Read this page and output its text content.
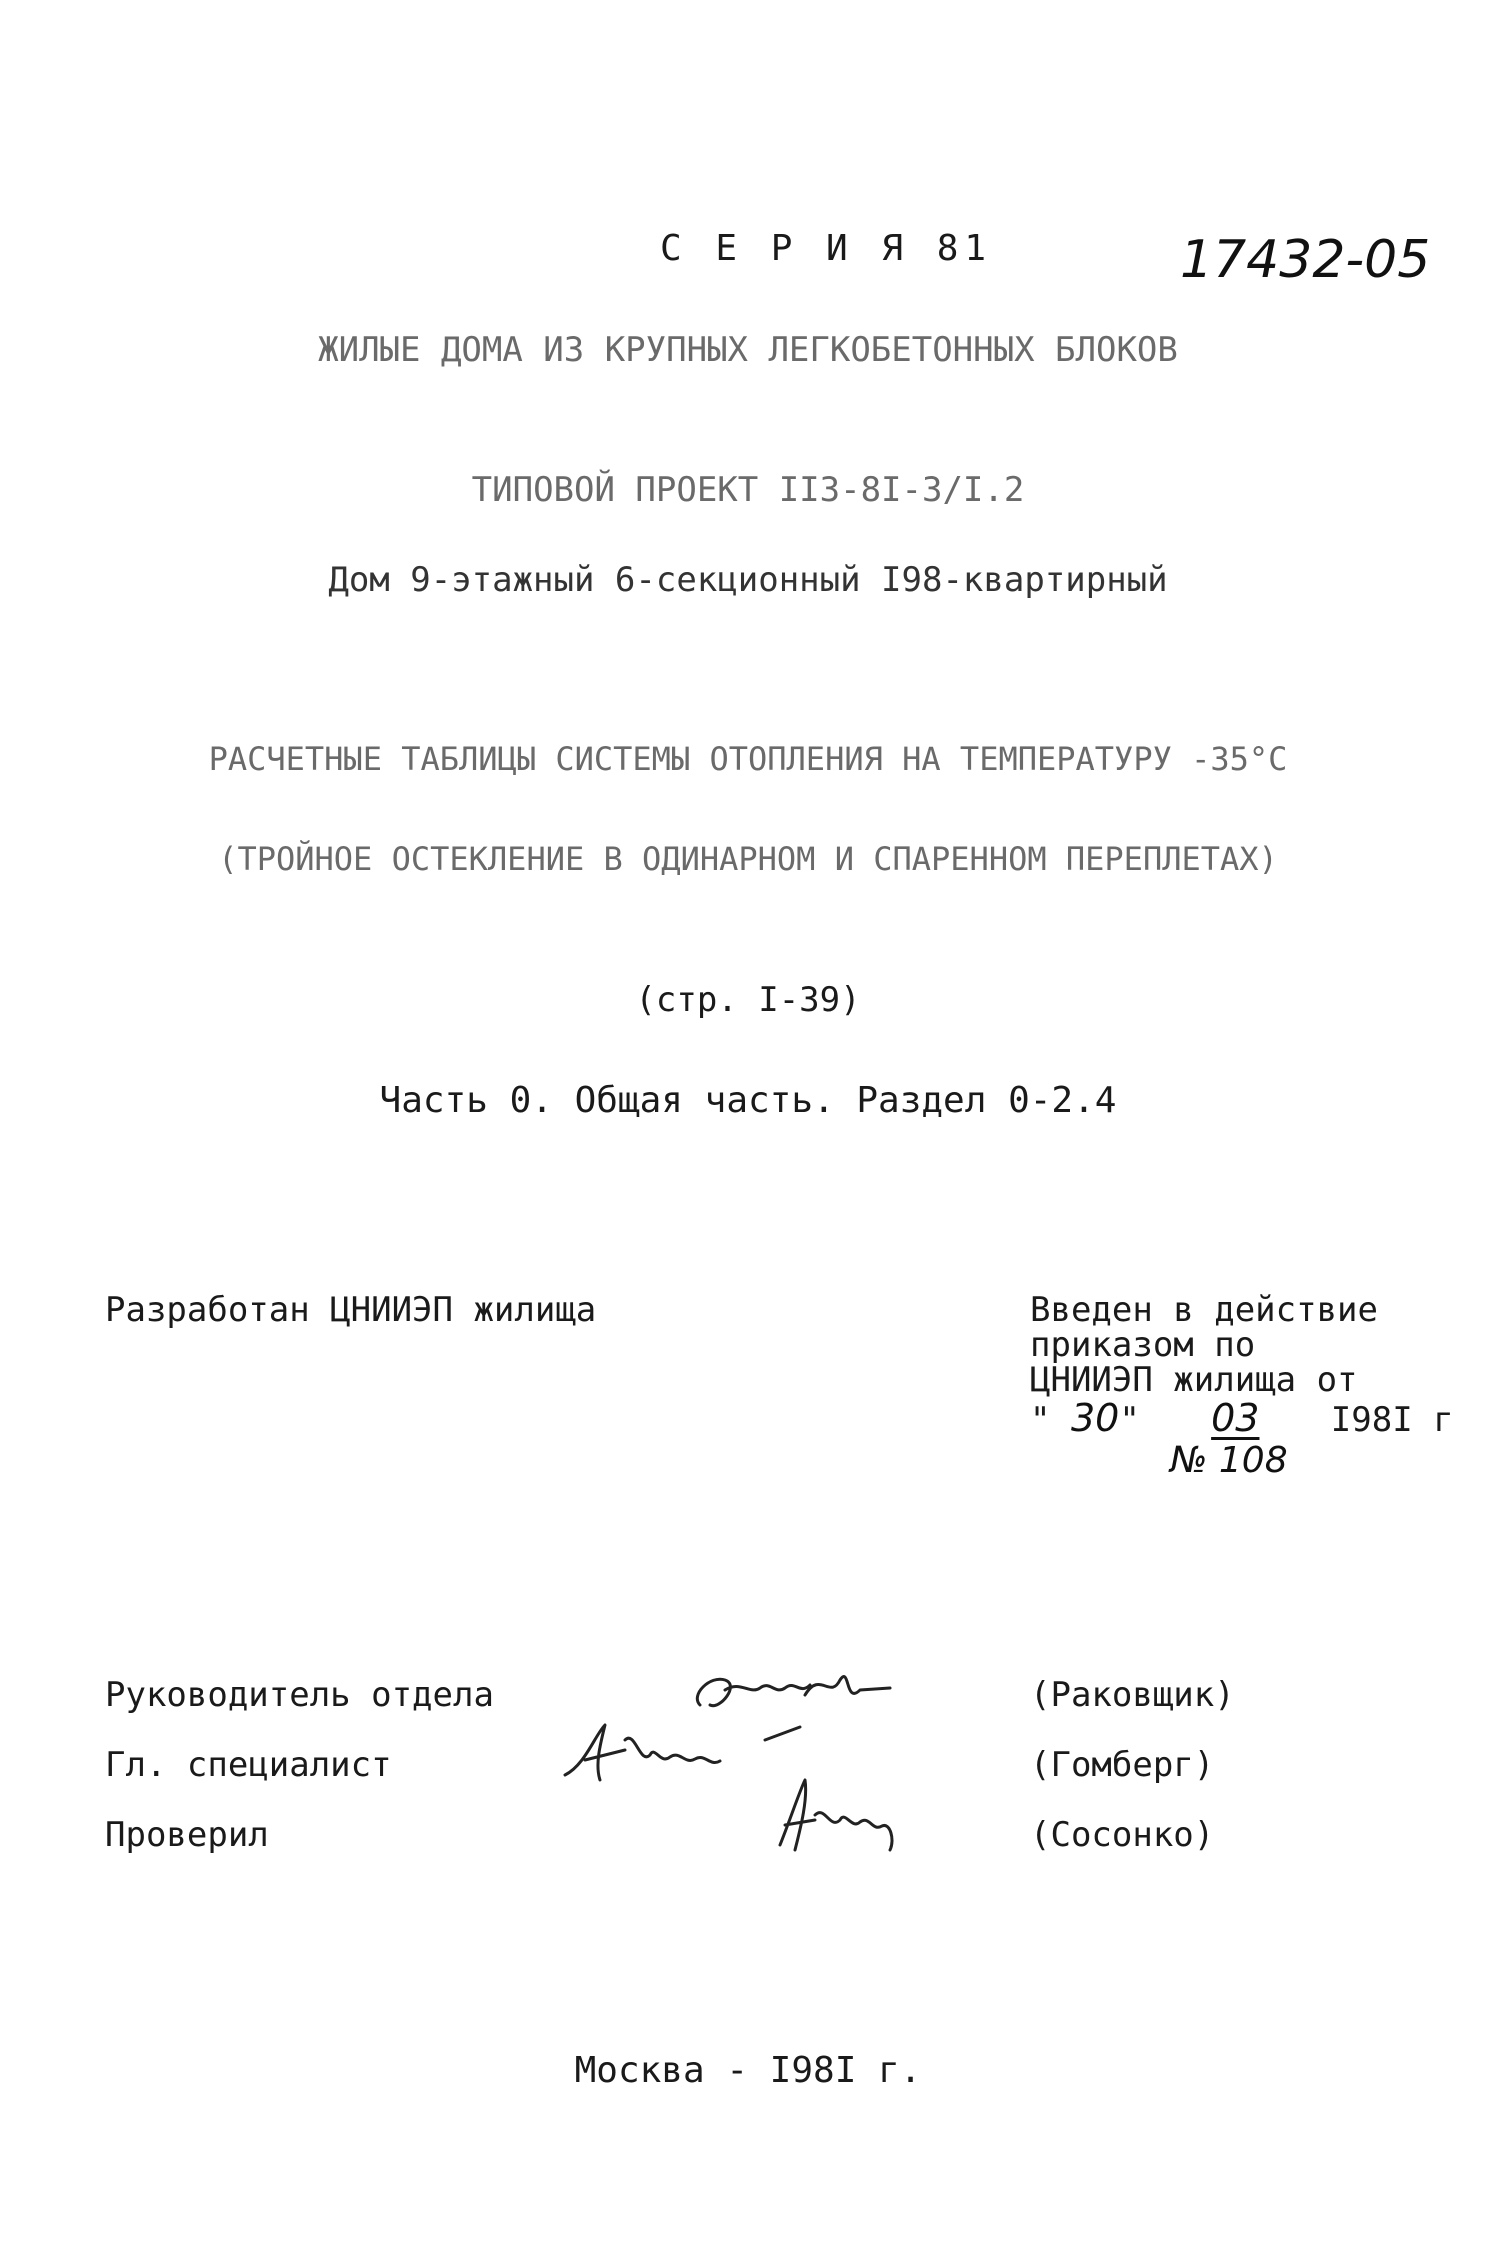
С Е Р И Я 81	17432-05
ЖИЛЫЕ ДОМА ИЗ КРУПНЫХ ЛЕГКОБЕТОННЫХ БЛОКОВ
ТИПОВОЙ ПРОЕКТ II3-8I-3/I.2
Дом 9-этажный 6-секционный I98-квартирный
РАСЧЕТНЫЕ ТАБЛИЦЫ СИСТЕМЫ ОТОПЛЕНИЯ НА ТЕМПЕРАТУРУ -35°С
(ТРОЙНОЕ ОСТЕКЛЕНИЕ В ОДИНАРНОМ И СПАРЕННОМ ПЕРЕПЛЕТАХ)
(стр. I-39)
Часть 0. Общая часть. Раздел 0-2.4
Разработан ЦНИИЭП жилища	Введен в действие
приказом по
ЦНИИЭП жилища от
" 30" 03 I98I г
№ 108
Руководитель отдела
Гл. специалист
Проверил
(Раковщик)
(Гомберг)
(Сосонко)
Москва - I98I г.
